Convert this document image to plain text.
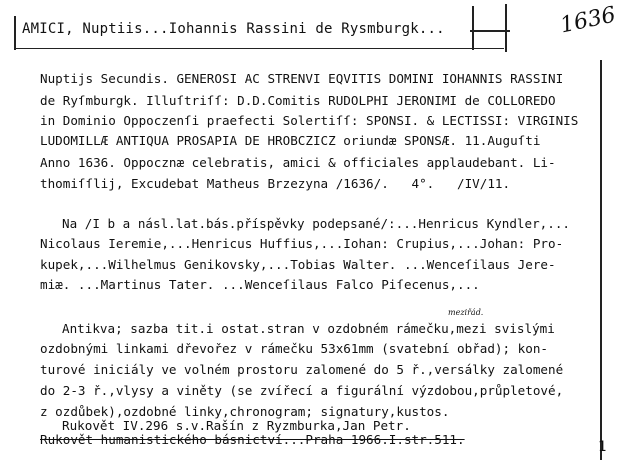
AMICI, Nuptiis...Iohannis Rassini de Rysmburgk...	1636
Nuptijs Secundis. GENEROSI AC STRENVI EQVITIS DOMINI IOHANNIS RASSINI
de Ryſmburgk. Illuſtriſſ: D.D.Comitis RUDOLPHI JERONIMI de COLLOREDO
in Dominio Oppoczenſi praefecti Solertiſſ: SPONSI. & LECTISSI: VIRGINIS
LUDOMILLÆ ANTIQUA PROSAPIA DE HROBCZICZ oriundæ SPONSÆ. 11.Auguſti
Anno 1636. Oppocznæ celebratis, amici & officiales applaudebant. Li-
thomiſſlij, Excudebat Matheus Brzezyna /1636/.   4°.   /IV/11.
Na /I b a násl.lat.bás.příspěvky podepsané/:...Henricus Kyndler,...
Nicolaus Ieremie,...Henricus Huffius,...Iohan: Crupius,...Johan: Pro-
kupek,...Wilhelmus Genikovsky,...Tobias Walter. ...Wenceſilaus Jere-
miæ. ...Martinus Tater. ...Wenceſilaus Falco Piſecenus,...
meziřád.
Antikva; sazba tit.i ostat.stran v ozdobném rámečku,mezi svislými
ozdobnými linkami dřevořez v rámečku 53x61mm (svatební obřad); kon-
turové iniciály ve volném prostoru zalomené do 5 ř.,versálky zalomené
do 2-3 ř.,vlysy a viněty (se zvířecí a figurální výzdobou,průpletové,
z ozdůbek),ozdobné linky,chronogram; signatury,kustos.
Rukovět IV.296 s.v.Rašín z Ryzmburka,Jan Petr.
Rukovět humanistického básnictví...Praha 1966.I.str.511.	1
